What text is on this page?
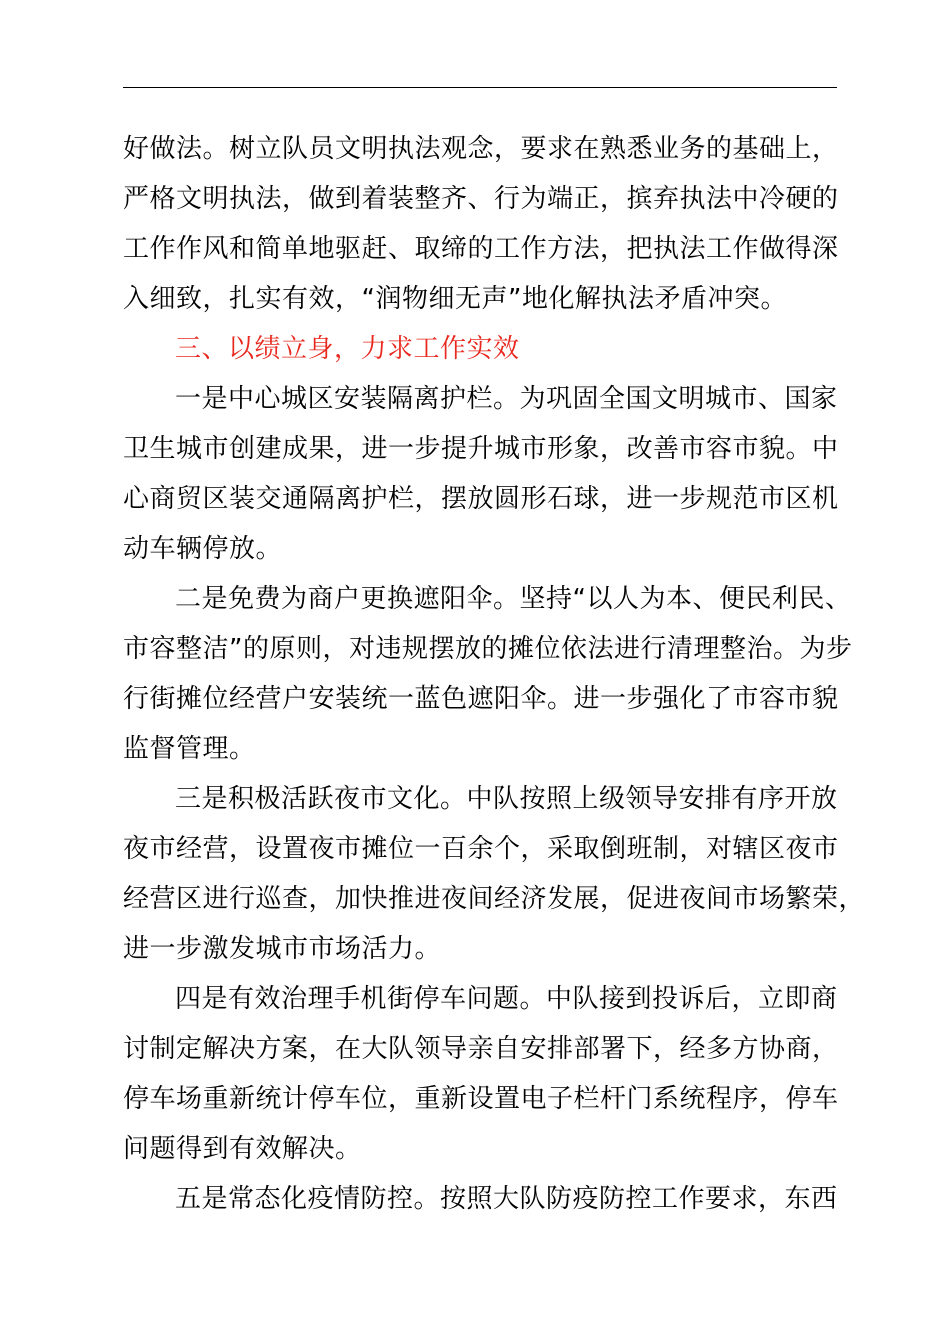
好做法。树立队员文明执法观念，要求在熟悉业务的基础上，
严格文明执法，做到着装整齐、行为端正，摈弃执法中冷硬的
工作作风和简单地驱赶、取缔的工作方法，把执法工作做得深
入细致，扎实有效，“润物细无声”地化解执法矛盾冲突。
三、以绩立身，力求工作实效
一是中心城区安装隔离护栏。为巩固全国文明城市、国家
卫生城市创建成果，进一步提升城市形象，改善市容市貌。中
心商贸区装交通隔离护栏，摆放圆形石球，进一步规范市区机
动车辆停放。
二是免费为商户更换遮阳伞。坚持“以人为本、便民利民、
市容整洁”的原则，对违规摆放的摊位依法进行清理整治。为步
行街摊位经营户安装统一蓝色遮阳伞。进一步强化了市容市貌
监督管理。
三是积极活跃夜市文化。中队按照上级领导安排有序开放
夜市经营，设置夜市摊位一百余个，采取倒班制，对辖区夜市
经营区进行巡查，加快推进夜间经济发展，促进夜间市场繁荣，
进一步激发城市市场活力。
四是有效治理手机街停车问题。中队接到投诉后，立即商
讨制定解决方案，在大队领导亲自安排部署下，经多方协商，
停车场重新统计停车位，重新设置电子栏杆门系统程序，停车
问题得到有效解决。
五是常态化疫情防控。按照大队防疫防控工作要求，东西
